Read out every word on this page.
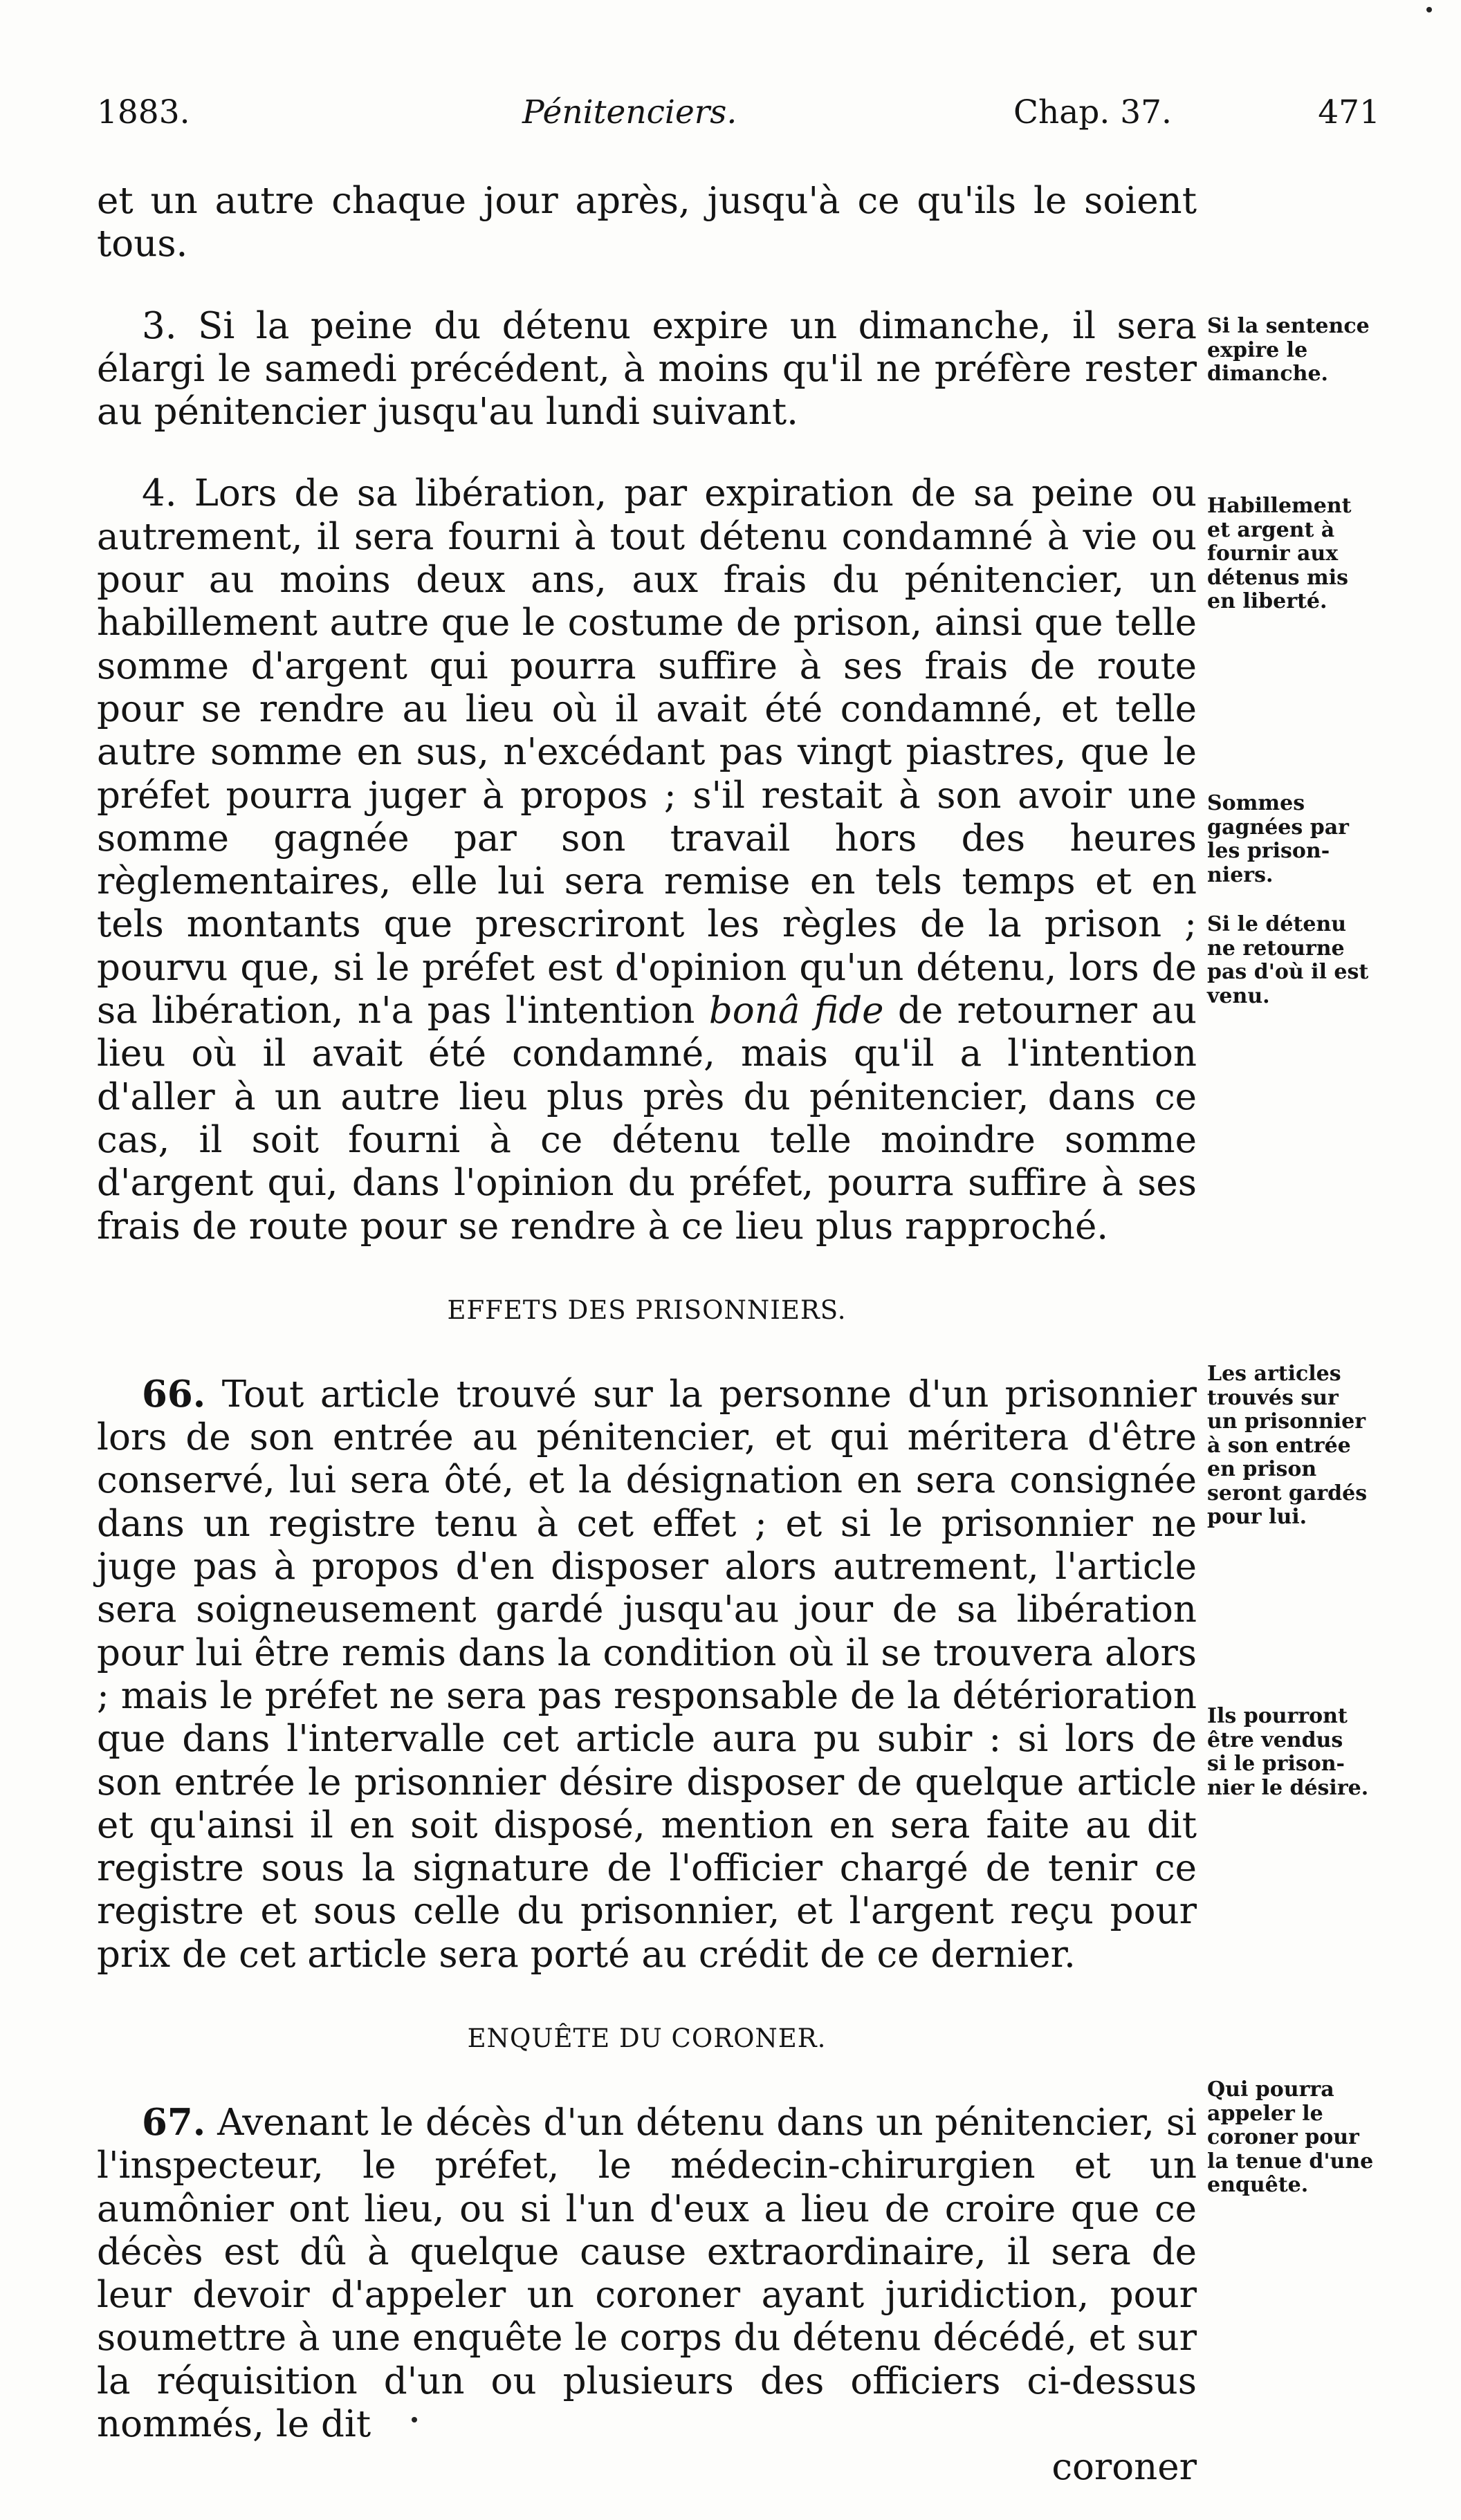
1883.	Pénitenciers.	Chap. 37.	471

et un autre chaque jour après, jusqu'à ce qu'ils le soient tous.

3. Si la peine du détenu expire un dimanche, il sera élargi le samedi précédent, à moins qu'il ne préfère rester au pénitencier jusqu'au lundi suivant.

4. Lors de sa libération, par expiration de sa peine ou autrement, il sera fourni à tout détenu condamné à vie ou pour au moins deux ans, aux frais du pénitencier, un habillement autre que le costume de prison, ainsi que telle somme d'argent qui pourra suffire à ses frais de route pour se rendre au lieu où il avait été condamné, et telle autre somme en sus, n'excédant pas vingt piastres, que le préfet pourra juger à propos ; s'il restait à son avoir une somme gagnée par son travail hors des heures règlementaires, elle lui sera remise en tels temps et en tels montants que prescriront les règles de la prison ; pourvu que, si le préfet est d'opinion qu'un détenu, lors de sa libération, n'a pas l'intention bonâ fide de retourner au lieu où il avait été condamné, mais qu'il a l'intention d'aller à un autre lieu plus près du pénitencier, dans ce cas, il soit fourni à ce détenu telle moindre somme d'argent qui, dans l'opinion du préfet, pourra suffire à ses frais de route pour se rendre à ce lieu plus rapproché.

EFFETS DES PRISONNIERS.

66. Tout article trouvé sur la personne d'un prisonnier lors de son entrée au pénitencier, et qui méritera d'être conservé, lui sera ôté, et la désignation en sera consignée dans un registre tenu à cet effet ; et si le prisonnier ne juge pas à propos d'en disposer alors autrement, l'article sera soigneusement gardé jusqu'au jour de sa libération pour lui être remis dans la condition où il se trouvera alors ; mais le préfet ne sera pas responsable de la détérioration que dans l'intervalle cet article aura pu subir : si lors de son entrée le prisonnier désire disposer de quelque article et qu'ainsi il en soit disposé, mention en sera faite au dit registre sous la signature de l'officier chargé de tenir ce registre et sous celle du prisonnier, et l'argent reçu pour prix de cet article sera porté au crédit de ce dernier.

ENQUÊTE DU CORONER.

67. Avenant le décès d'un détenu dans un pénitencier, si l'inspecteur, le préfet, le médecin-chirurgien et un aumônier ont lieu, ou si l'un d'eux a lieu de croire que ce décès est dû à quelque cause extraordinaire, il sera de leur devoir d'appeler un coroner ayant juridiction, pour soumettre à une enquête le corps du détenu décédé, et sur la réquisition d'un ou plusieurs des officiers ci-dessus nommés, le dit

coroner

Si la sentence
expire le
dimanche.
Habillement
et argent à
fournir aux
détenus mis
en liberté.
Sommes
gagnées par
les prison-
niers.
Si le détenu
ne retourne
pas d'où il est
venu.
Les articles
trouvés sur
un prisonnier
à son entrée
en prison
seront gardés
pour lui.
Ils pourront
être vendus
si le prison-
nier le désire.
Qui pourra
appeler le
coroner pour
la tenue d'une
enquête.
